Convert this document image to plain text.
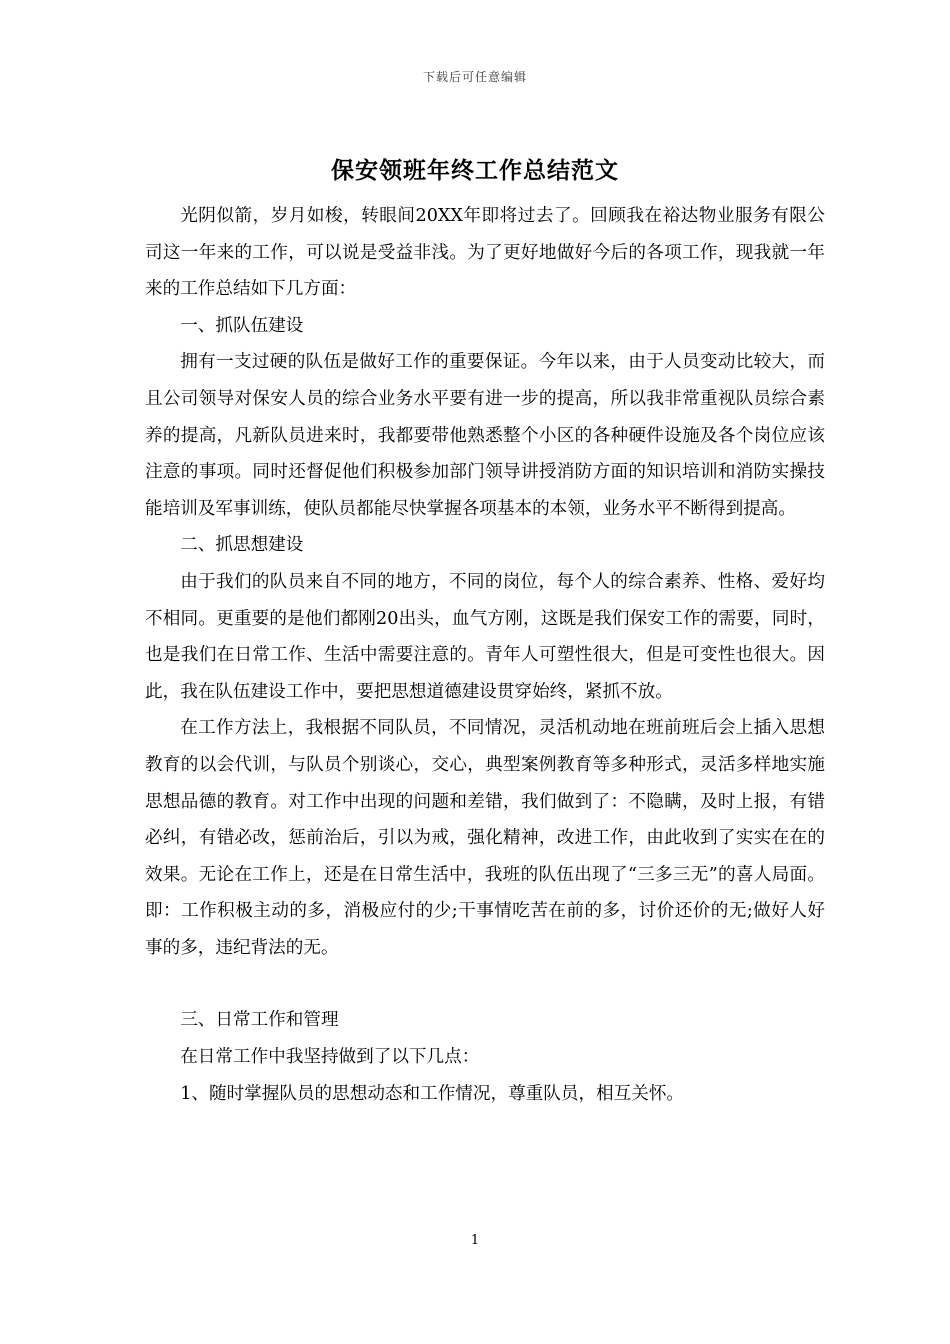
下载后可任意编辑
保安领班年终工作总结范文

光阴似箭，岁月如梭，转眼间20XX年即将过去了。回顾我在裕达物业服务有限公司这一年来的工作，可以说是受益非浅。为了更好地做好今后的各项工作，现我就一年来的工作总结如下几方面：

一、抓队伍建设

拥有一支过硬的队伍是做好工作的重要保证。今年以来，由于人员变动比较大，而且公司领导对保安人员的综合业务水平要有进一步的提高，所以我非常重视队员综合素养的提高，凡新队员进来时，我都要带他熟悉整个小区的各种硬件设施及各个岗位应该注意的事项。同时还督促他们积极参加部门领导讲授消防方面的知识培训和消防实操技能培训及军事训练，使队员都能尽快掌握各项基本的本领，业务水平不断得到提高。

二、抓思想建设

由于我们的队员来自不同的地方，不同的岗位，每个人的综合素养、性格、爱好均不相同。更重要的是他们都刚20出头，血气方刚，这既是我们保安工作的需要，同时，也是我们在日常工作、生活中需要注意的。青年人可塑性很大，但是可变性也很大。因此，我在队伍建设工作中，要把思想道德建设贯穿始终，紧抓不放。

在工作方法上，我根据不同队员，不同情况，灵活机动地在班前班后会上插入思想教育的以会代训，与队员个别谈心，交心，典型案例教育等多种形式，灵活多样地实施思想品德的教育。对工作中出现的问题和差错，我们做到了：不隐瞒，及时上报，有错必纠，有错必改，惩前治后，引以为戒，强化精神，改进工作，由此收到了实实在在的效果。无论在工作上，还是在日常生活中，我班的队伍出现了“三多三无”的喜人局面。即：工作积极主动的多，消极应付的少;干事情吃苦在前的多，讨价还价的无;做好人好事的多，违纪背法的无。

三、日常工作和管理

在日常工作中我坚持做到了以下几点：

1、随时掌握队员的思想动态和工作情况，尊重队员，相互关怀。

1
